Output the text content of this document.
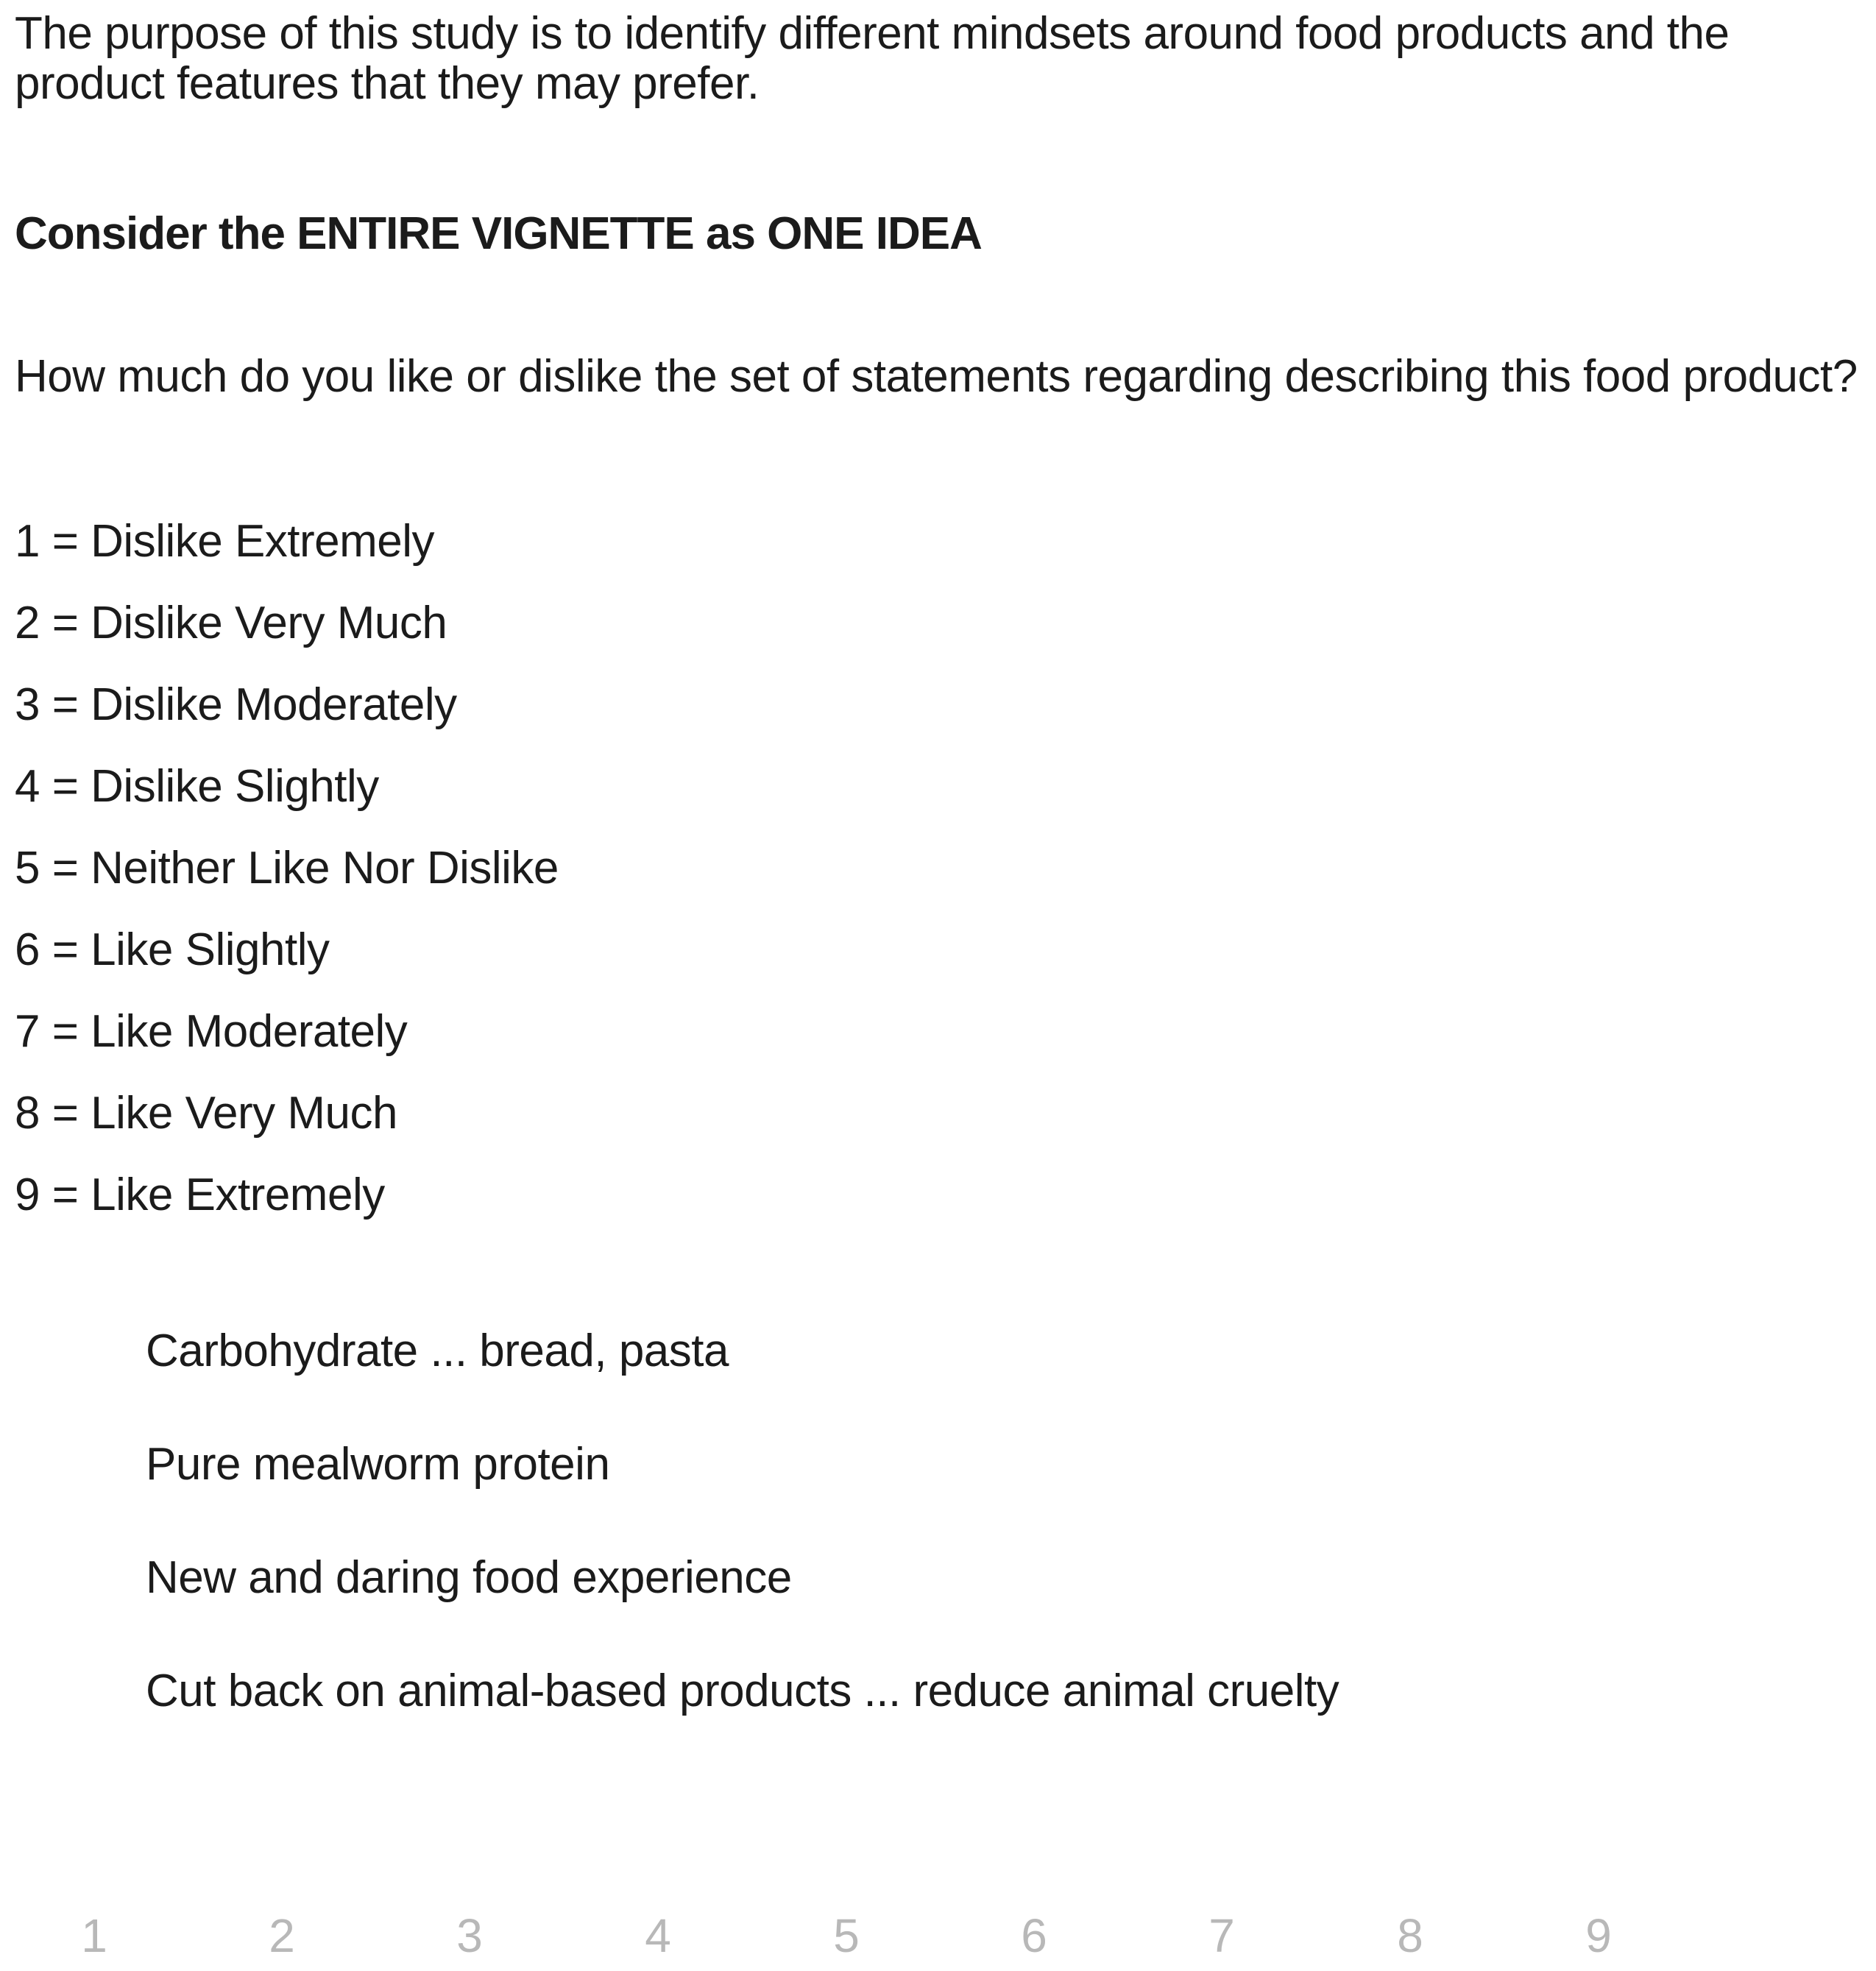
The purpose of this study is to identify different mindsets around food products and the product features that they may prefer.

Consider the ENTIRE VIGNETTE as ONE IDEA

How much do you like or dislike the set of statements regarding describing this food product?

1 = Dislike Extremely
2 = Dislike Very Much
3 = Dislike Moderately
4 = Dislike Slightly
5 = Neither Like Nor Dislike
6 = Like Slightly
7 = Like Moderately
8 = Like Very Much
9 = Like Extremely
Carbohydrate ... bread, pasta
Pure mealworm protein
New and daring food experience
Cut back on animal-based products ... reduce animal cruelty
1	2	3	4	5	6	7	8	9
